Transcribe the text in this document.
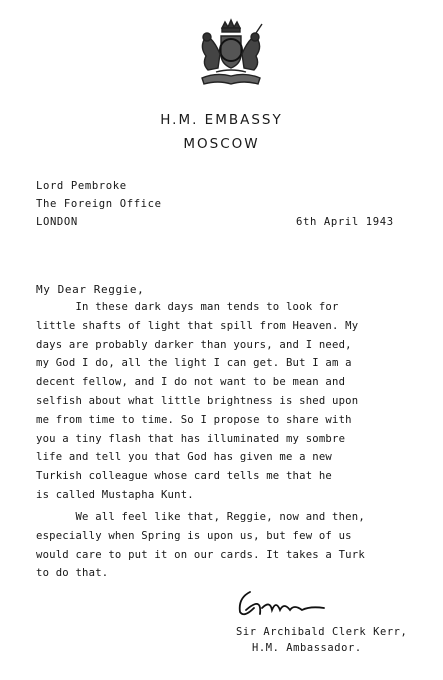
H.M. EMBASSY
MOSCOW
Lord Pembroke
The Foreign Office
LONDON	6th April 1943
My Dear Reggie,
In these dark days man tends to look for
little shafts of light that spill from Heaven. My
days are probably darker than yours, and I need,
my God I do, all the light I can get. But I am a
decent fellow, and I do not want to be mean and
selfish about what little brightness is shed upon
me from time to time. So I propose to share with
you a tiny flash that has illuminated my sombre
life and tell you that God has given me a new
Turkish colleague whose card tells me that he
is called Mustapha Kunt.
We all feel like that, Reggie, now and then,
especially when Spring is upon us, but few of us
would care to put it on our cards. It takes a Turk
to do that.
Sir Archibald Clerk Kerr,
H.M. Ambassador.
